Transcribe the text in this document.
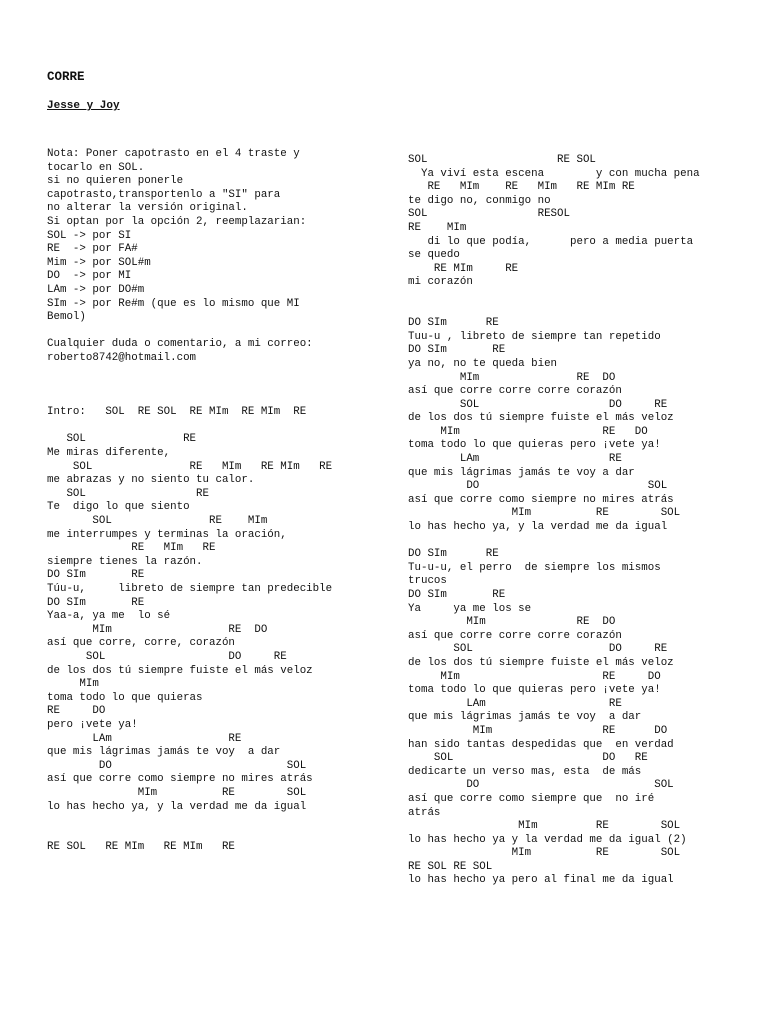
CORRE
Jesse y Joy
Nota: Poner capotrasto en el 4 traste y
tocarlo en SOL.
si no quieren ponerle
capotrasto,transportenlo a "SI" para
no alterar la versión original.
Si optan por la opción 2, reemplazarian:
SOL -> por SI
RE  -> por FA#
Mim -> por SOL#m
DO  -> por MI
LAm -> por DO#m
SIm -> por Re#m (que es lo mismo que MI
Bemol)
Cualquier duda o comentario, a mi correo:
roberto8742@hotmail.com
Intro:   SOL  RE SOL  RE MIm  RE MIm  RE
SOL               RE
Me miras diferente,
SOL               RE   MIm   RE MIm   RE
me abrazas y no siento tu calor.
SOL                 RE
Te  digo lo que siento
SOL               RE    MIm
me interrumpes y terminas la oración,
RE   MIm   RE
siempre tienes la razón.
DO SIm       RE
Túu-u,     libreto de siempre tan predecible
DO SIm       RE
Yaa-a, ya me  lo sé
MIm                  RE  DO
así que corre, corre, corazón
SOL                   DO     RE
de los dos tú siempre fuiste el más veloz
MIm
toma todo lo que quieras
RE     DO
pero ¡vete ya!
LAm                  RE
que mis lágrimas jamás te voy  a dar
DO                           SOL
así que corre como siempre no mires atrás
MIm          RE        SOL
lo has hecho ya, y la verdad me da igual
RE SOL   RE MIm   RE MIm   RE
SOL                    RE SOL
Ya viví esta escena        y con mucha pena
RE   MIm    RE   MIm   RE MIm RE
te digo no, conmigo no
SOL                 RESOL
RE    MIm
di lo que podía,      pero a media puerta
se quedo
RE MIm     RE
mi corazón
DO SIm      RE
Tuu-u , libreto de siempre tan repetido
DO SIm       RE
ya no, no te queda bien
MIm               RE  DO
así que corre corre corre corazón
SOL                    DO     RE
de los dos tú siempre fuiste el más veloz
MIm                      RE   DO
toma todo lo que quieras pero ¡vete ya!
LAm                    RE
que mis lágrimas jamás te voy a dar
DO                          SOL
así que corre como siempre no mires atrás
MIm          RE        SOL
lo has hecho ya, y la verdad me da igual
DO SIm      RE
Tu-u-u, el perro  de siempre los mismos
trucos
DO SIm       RE
Ya     ya me los se
MIm              RE  DO
así que corre corre corre corazón
SOL                     DO     RE
de los dos tú siempre fuiste el más veloz
MIm                      RE     DO
toma todo lo que quieras pero ¡vete ya!
LAm                   RE
que mis lágrimas jamás te voy  a dar
MIm                 RE      DO
han sido tantas despedidas que  en verdad
SOL                       DO   RE
dedicarte un verso mas, esta  de más
DO                           SOL
así que corre como siempre que  no iré
atrás
MIm         RE        SOL
lo has hecho ya y la verdad me da igual (2)
MIm          RE        SOL
RE SOL RE SOL
lo has hecho ya pero al final me da igual
